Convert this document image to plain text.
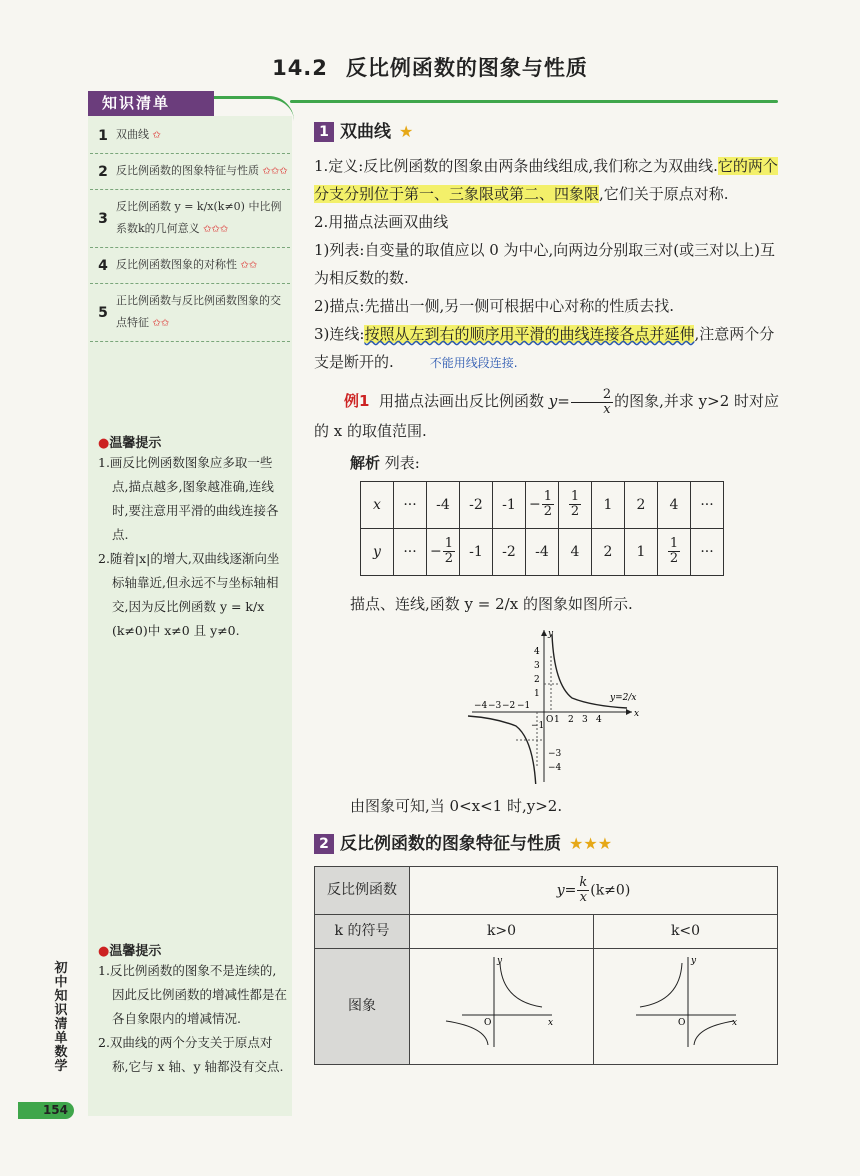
14.2 反比例函数的图象与性质
知识清单
1 双曲线 ✩
2 反比例函数的图象特征与性质 ✩✩✩
3
反比例函数 y = k/x(k≠0) 中比例系数k的几何意义 ✩✩✩
4 反比例函数图象的对称性 ✩✩
5
正比例函数与反比例函数图象的交点特征 ✩✩
●温馨提示

1.画反比例函数图象应多取一些点,描点越多,图象越准确,连线时,要注意用平滑的曲线连接各点.

2.随着|x|的增大,双曲线逐渐向坐标轴靠近,但永远不与坐标轴相交,因为反比例函数 y = k/x (k≠0)中 x≠0 且 y≠0.

●温馨提示

1.反比例函数的图象不是连续的,因此反比例函数的增减性都是在各自象限内的增减情况.

2.双曲线的两个分支关于原点对称,它与 x 轴、y 轴都没有交点.

初中知识清单 数学
154
1 双曲线 ★
1.定义:反比例函数的图象由两条曲线组成,我们称之为双曲线.它的两个分支分别位于第一、三象限或第二、四象限,它们关于原点对称.
2.用描点法画双曲线
1)列表:自变量的取值应以 0 为中心,向两边分别取三对(或三对以上)互为相反数的数.
2)描点:先描出一侧,另一侧可根据中心对称的性质去找.
3)连线:按照从左到右的顺序用平滑的曲线连接各点并延伸,注意两个分支是断开的.	不能用线段连接.
例1 用描点法画出反比例函数 $y= \frac{2}{x}$ 的图象,并求 y>2 时对应的 x 的取值范围.
解析 列表:
x	···	-4	-2	-1	− $\frac{1}{2}$	$\frac{1}{2}$	1	2	4	···
y	···	− $\frac{1}{2}$	-1	-2	-4	4	2	1	$\frac{1}{2}$	···
描点、连线,函数 y = 2/x 的图象如图所示.
y
x
O 1 2 3 4
−4 −3 −2 −1
4
3
2
1
−1
−3
−4
y=2/x
由图象可知,当 0<x<1 时,y>2.
2 反比例函数的图象特征与性质 ★★★
反比例函数	$y= \frac{k}{x} (k\ne 0)$	
k 的符号	k>0	k<0
图象	y
x
O	y
x
O
